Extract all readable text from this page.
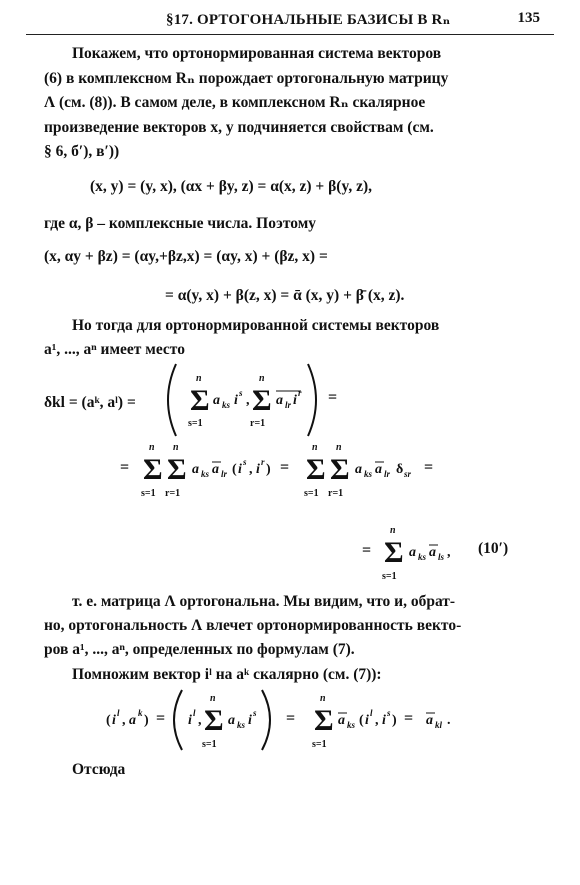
§17. ОРТОГОНАЛЬНЫЕ БАЗИСЫ В Rₙ	135
Покажем, что ортонормированная система векторов
(6) в комплексном Rₙ порождает ортогональную матрицу
Λ (см. (8)). В самом деле, в комплексном Rₙ скалярное
произведение векторов x, y подчиняется свойствам (см.
§ 6, б′), в′))
(x, y) = (y, x), (αx + βy, z) = α(x, z) + β(y, z),
где α, β – комплексные числа. Поэтому
(x, αy + βz) = (αy,+βz,x) = (αy, x) + (βz, x) =
= α(y, x) + β(z, x) = ᾱ (x, y) + β̄ (x, z).
Но тогда для ортонормированной системы векторов
a¹, ..., aⁿ имеет место
δkl = (aᵏ, aˡ) = Σ
n
s=1
a ks i s , Σ
n
r=1
a lr i r =
= Σ
n
s=1
Σ
n
r=1
a ks a lr ( i s , i r ) = Σ
n
s=1
Σ
n
r=1
a ks a lr δ sr =
= Σ
n
s=1
a ks a ls , (10′)
т. е. матрица Λ ортогональна. Мы видим, что и, обрат-
но, ортогональность Λ влечет ортонормированность векто-
ров a¹, ..., aⁿ, определенных по формулам (7).
Помножим вектор iˡ на aᵏ скалярно (см. (7)):
( i l , a k ) = i l , Σ
n
s=1
a ks i s = Σ
n
s=1
a ks ( i l , i s ) = a kl .
Отсюда
